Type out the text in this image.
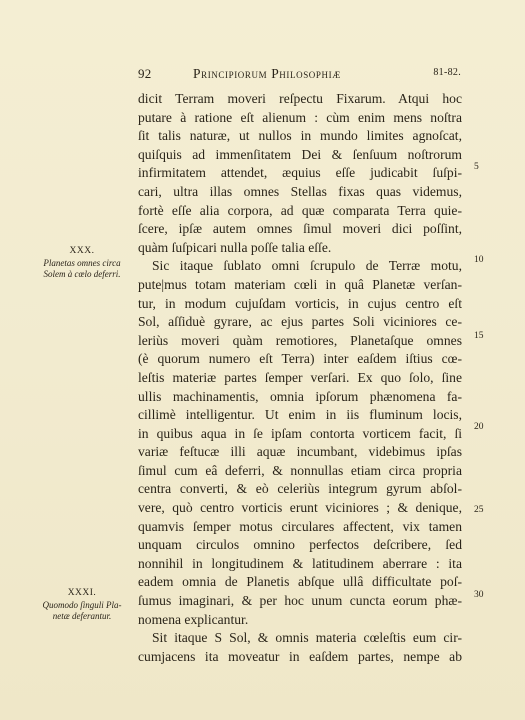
92	Principiorum Philosophiæ	81-82.
dicit Terram moveri reſpectu Fixarum. Atqui hoc
putare à ratione eſt alienum : cùm enim mens noſtra
ſit talis naturæ, ut nullos in mundo limites agnoſcat,
quiſquis ad immenſitatem Dei & ſenſuum noſtrorum
infirmitatem attendet, æquius eſſe judicabit ſuſpi-
cari, ultra illas omnes Stellas fixas quas videmus,
fortè eſſe alia corpora, ad quæ comparata Terra quie-
ſcere, ipſæ autem omnes ſimul moveri dici poſſint,
quàm ſuſpicari nulla poſſe talia eſſe.
Sic itaque ſublato omni ſcrupulo de Terræ motu,
pute|mus totam materiam cœli in quâ Planetæ verſan-
tur, in modum cujuſdam vorticis, in cujus centro eſt
Sol, aſſiduè gyrare, ac ejus partes Soli viciniores ce-
leriùs moveri quàm remotiores, Planetaſque omnes
(è quorum numero eſt Terra) inter eaſdem iſtius cœ-
leſtis materiæ partes ſemper verſari. Ex quo ſolo, ſine
ullis machinamentis, omnia ipſorum phænomena fa-
cillimè intelligentur. Ut enim in iis fluminum locis,
in quibus aqua in ſe ipſam contorta vorticem facit, ſi
variæ feſtucæ illi aquæ incumbant, videbimus ipſas
ſimul cum eâ deferri, & nonnullas etiam circa propria
centra converti, & eò celeriùs integrum gyrum abſol-
vere, quò centro vorticis erunt viciniores ; & denique,
quamvis ſemper motus circulares affectent, vix tamen
unquam circulos omnino perfectos deſcribere, ſed
nonnihil in longitudinem & latitudinem aberrare : ita
eadem omnia de Planetis abſque ullâ difficultate poſ-
ſumus imaginari, & per hoc unum cuncta eorum phæ-
nomena explicantur.
Sit itaque S Sol, & omnis materia cœleſtis eum cir-
cumjacens ita moveatur in eaſdem partes, nempe ab
XXX.
Planetas omnes circa
Solem à cœlo deferri.
XXXI.
Quomodo ſinguli Pla-
netæ deferantur.
5
10
15
20
25
30
